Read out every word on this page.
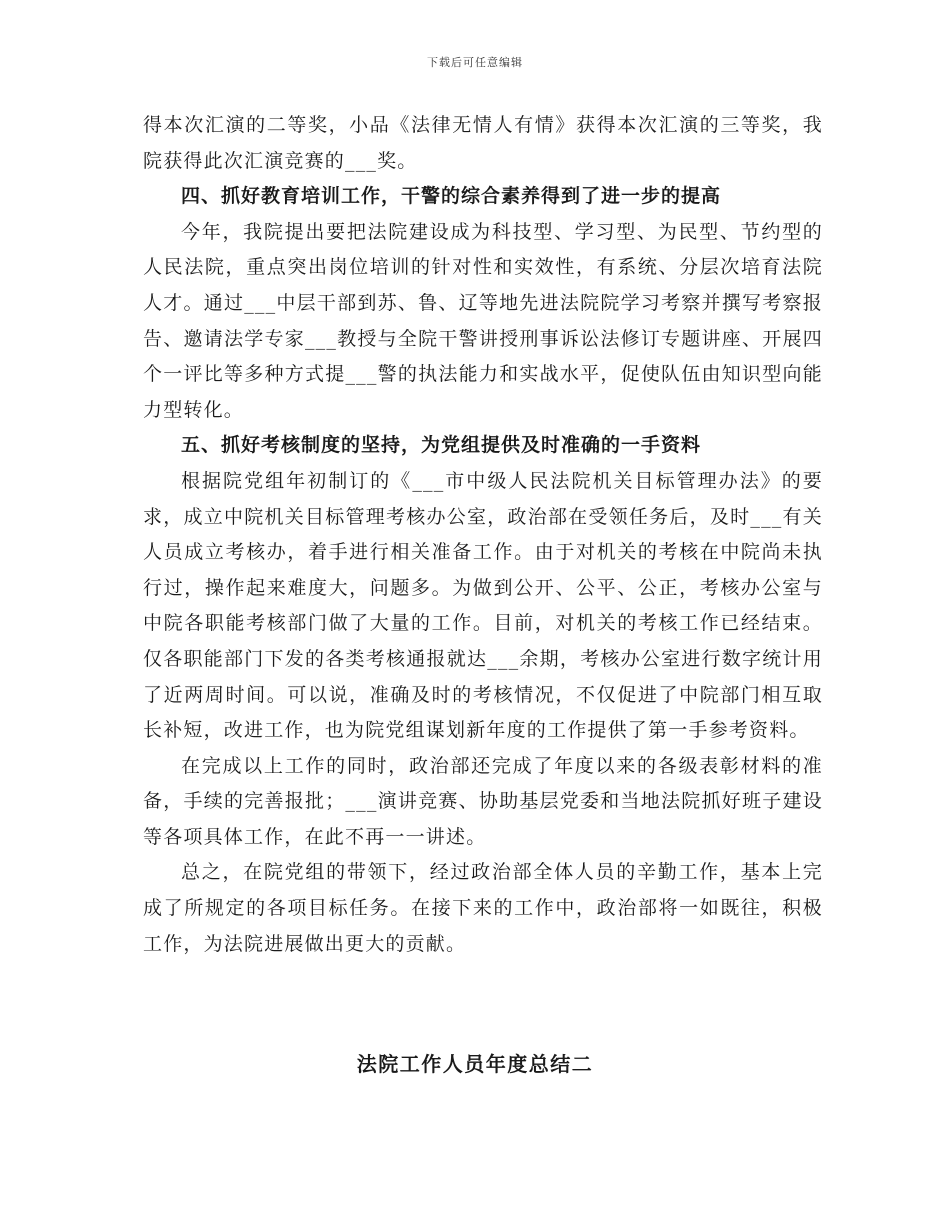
下载后可任意编辑

得本次汇演的二等奖，小品《法律无情人有情》获得本次汇演的三等奖，我院获得此次汇演竞赛的___奖。

四、抓好教育培训工作，干警的综合素养得到了进一步的提高

今年，我院提出要把法院建设成为科技型、学习型、为民型、节约型的人民法院，重点突出岗位培训的针对性和实效性，有系统、分层次培育法院人才。通过___中层干部到苏、鲁、辽等地先进法院院学习考察并撰写考察报告、邀请法学专家___教授与全院干警讲授刑事诉讼法修订专题讲座、开展四个一评比等多种方式提___警的执法能力和实战水平，促使队伍由知识型向能力型转化。

五、抓好考核制度的坚持，为党组提供及时准确的一手资料

根据院党组年初制订的《___市中级人民法院机关目标管理办法》的要求，成立中院机关目标管理考核办公室，政治部在受领任务后，及时___有关人员成立考核办，着手进行相关准备工作。由于对机关的考核在中院尚未执行过，操作起来难度大，问题多。为做到公开、公平、公正，考核办公室与中院各职能考核部门做了大量的工作。目前，对机关的考核工作已经结束。仅各职能部门下发的各类考核通报就达___余期，考核办公室进行数字统计用了近两周时间。可以说，准确及时的考核情况，不仅促进了中院部门相互取长补短，改进工作，也为院党组谋划新年度的工作提供了第一手参考资料。

在完成以上工作的同时，政治部还完成了年度以来的各级表彰材料的准备，手续的完善报批；___演讲竞赛、协助基层党委和当地法院抓好班子建设等各项具体工作，在此不再一一讲述。

总之，在院党组的带领下，经过政治部全体人员的辛勤工作，基本上完成了所规定的各项目标任务。在接下来的工作中，政治部将一如既往，积极工作，为法院进展做出更大的贡献。

法院工作人员年度总结二
